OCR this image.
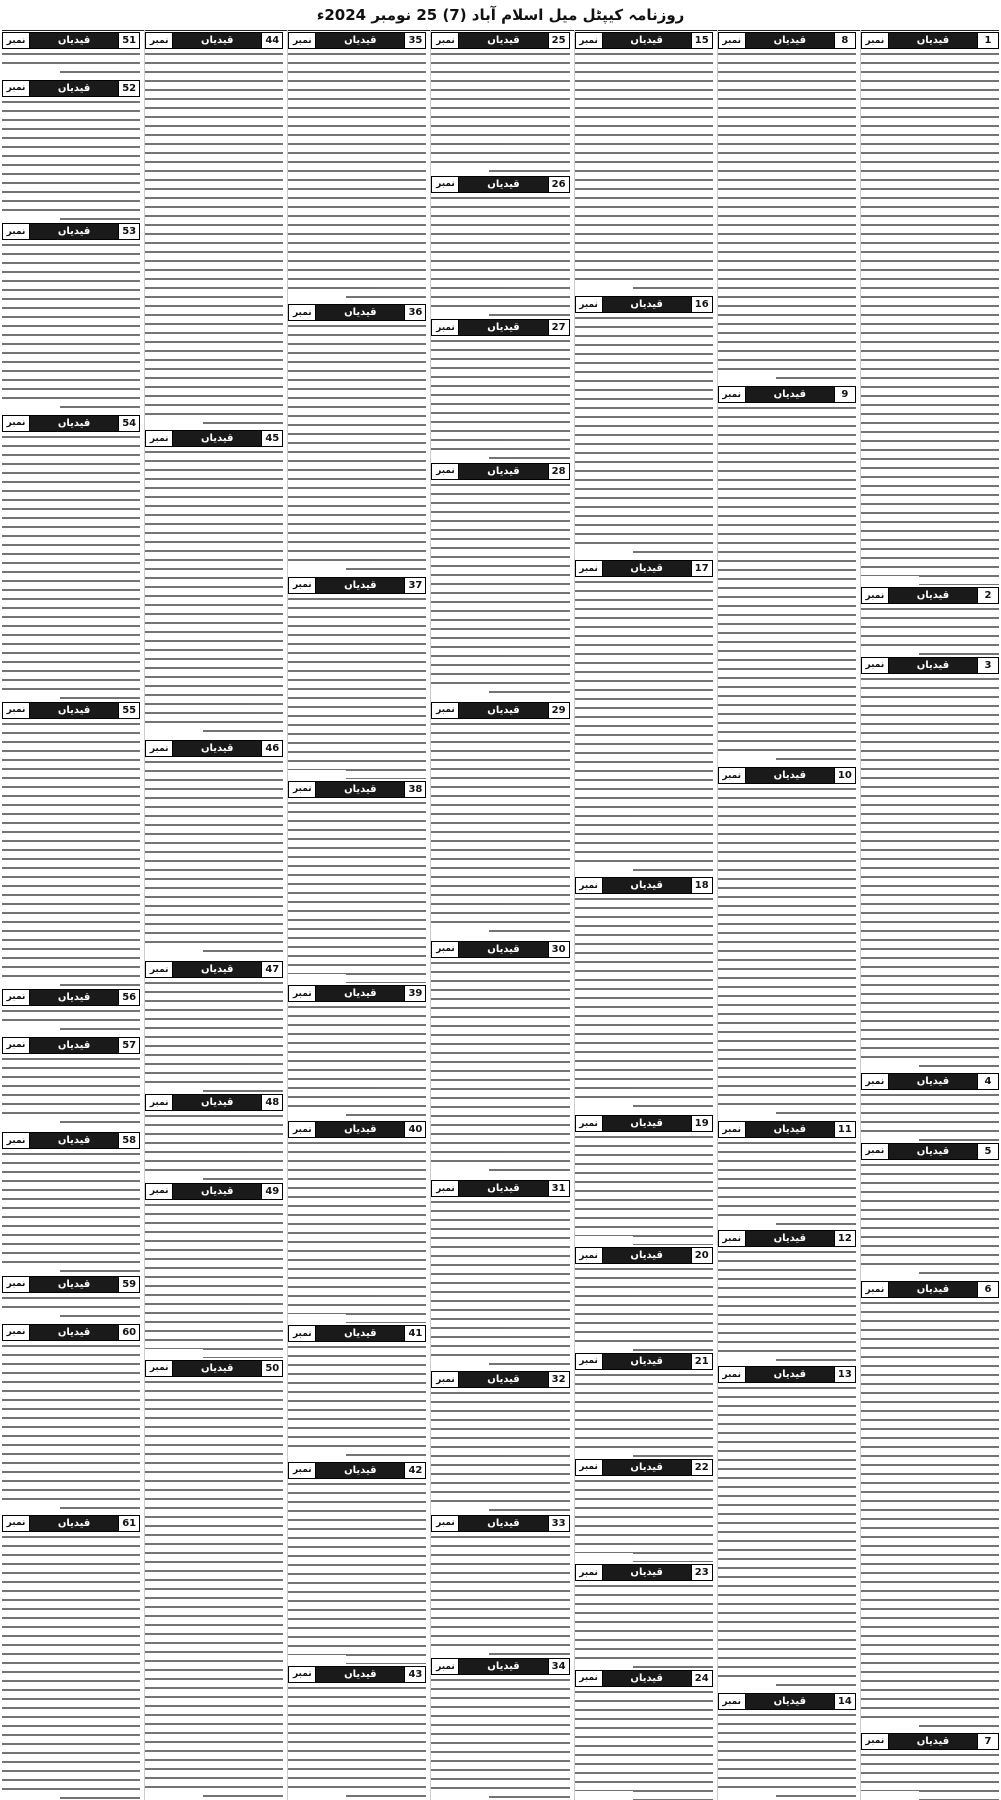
روزنامہ کیپٹل میل اسلام آباد (7) 25 نومبر 2024ء
1
قیدیاں
نمبر
2
قیدیاں
نمبر
3
قیدیاں
نمبر
4
قیدیاں
نمبر
5
قیدیاں
نمبر
6
قیدیاں
نمبر
7
قیدیاں
نمبر
8
قیدیاں
نمبر
9
قیدیاں
نمبر
10
قیدیاں
نمبر
11
قیدیاں
نمبر
12
قیدیاں
نمبر
13
قیدیاں
نمبر
14
قیدیاں
نمبر
15
قیدیاں
نمبر
16
قیدیاں
نمبر
17
قیدیاں
نمبر
18
قیدیاں
نمبر
19
قیدیاں
نمبر
20
قیدیاں
نمبر
21
قیدیاں
نمبر
22
قیدیاں
نمبر
23
قیدیاں
نمبر
24
قیدیاں
نمبر
25
قیدیاں
نمبر
26
قیدیاں
نمبر
27
قیدیاں
نمبر
28
قیدیاں
نمبر
29
قیدیاں
نمبر
30
قیدیاں
نمبر
31
قیدیاں
نمبر
32
قیدیاں
نمبر
33
قیدیاں
نمبر
34
قیدیاں
نمبر
35
قیدیاں
نمبر
36
قیدیاں
نمبر
37
قیدیاں
نمبر
38
قیدیاں
نمبر
39
قیدیاں
نمبر
40
قیدیاں
نمبر
41
قیدیاں
نمبر
42
قیدیاں
نمبر
43
قیدیاں
نمبر
44
قیدیاں
نمبر
45
قیدیاں
نمبر
46
قیدیاں
نمبر
47
قیدیاں
نمبر
48
قیدیاں
نمبر
49
قیدیاں
نمبر
50
قیدیاں
نمبر
51
قیدیاں
نمبر
52
قیدیاں
نمبر
53
قیدیاں
نمبر
54
قیدیاں
نمبر
55
قیدیاں
نمبر
56
قیدیاں
نمبر
57
قیدیاں
نمبر
58
قیدیاں
نمبر
59
قیدیاں
نمبر
60
قیدیاں
نمبر
61
قیدیاں
نمبر
